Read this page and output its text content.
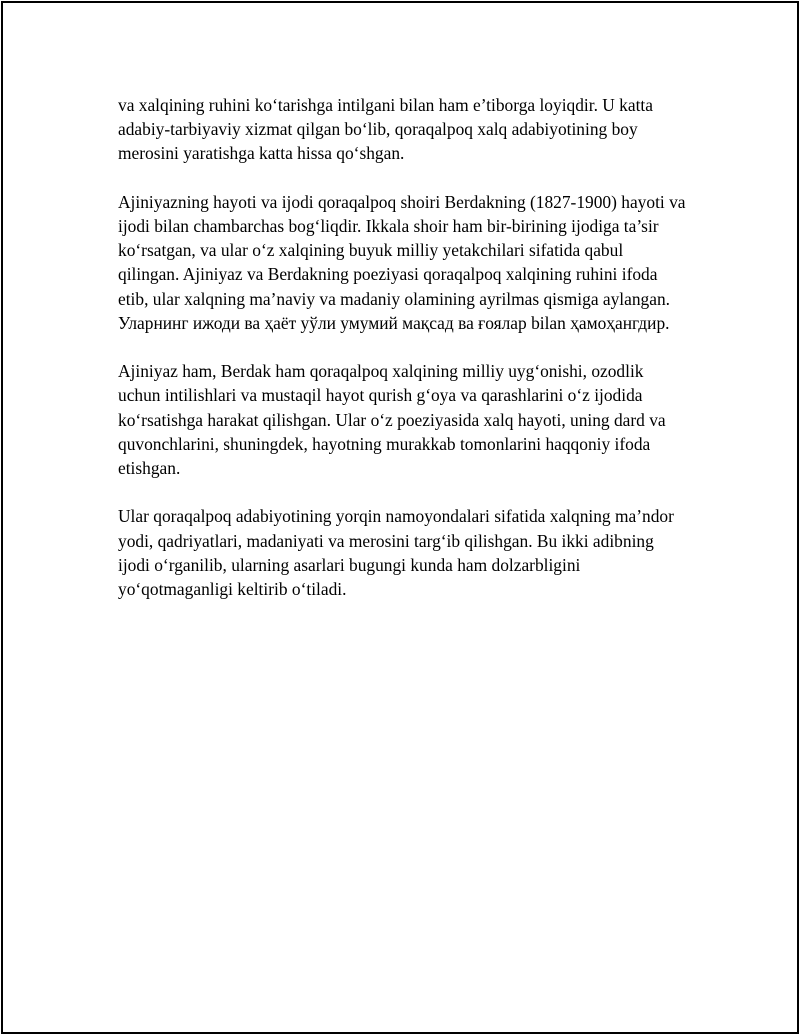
va xalqining ruhini ko‘tarishga intilgani bilan ham e’tiborga loyiqdir. U katta adabiy-tarbiyaviy xizmat qilgan bo‘lib, qoraqalpoq xalq adabiyotining boy merosini yaratishga katta hissa qo‘shgan.

Ajiniyazning hayoti va ijodi qoraqalpoq shoiri Berdakning (1827-1900) hayoti va ijodi bilan chambarchas bog‘liqdir. Ikkala shoir ham bir-birining ijodiga ta’sir ko‘rsatgan, va ular o‘z xalqining buyuk milliy yetakchilari sifatida qabul qilingan. Ajiniyaz va Berdakning poeziyasi qoraqalpoq xalqining ruhini ifoda etib, ular xalqning ma’naviy va madaniy olamining ayrilmas qismiga aylangan. Уларнинг ижоди ва ҳаёт уўли умумий мақсад ва ғоялар bilan ҳамоҳангдир.

Ajiniyaz ham, Berdak ham qoraqalpoq xalqining milliy uyg‘onishi, ozodlik uchun intilishlari va mustaqil hayot qurish g‘oya va qarashlarini o‘z ijodida ko‘rsatishga harakat qilishgan. Ular o‘z poeziyasida xalq hayoti, uning dard va quvonchlarini, shuningdek, hayotning murakkab tomonlarini haqqoniy ifoda etishgan.

Ular qoraqalpoq adabiyotining yorqin namoyondalari sifatida xalqning ma’ndor yodi, qadriyatlari, madaniyati va merosini targ‘ib qilishgan. Bu ikki adibning ijodi o‘rganilib, ularning asarlari bugungi kunda ham dolzarbligini yo‘qotmaganligi keltirib o‘tiladi.
